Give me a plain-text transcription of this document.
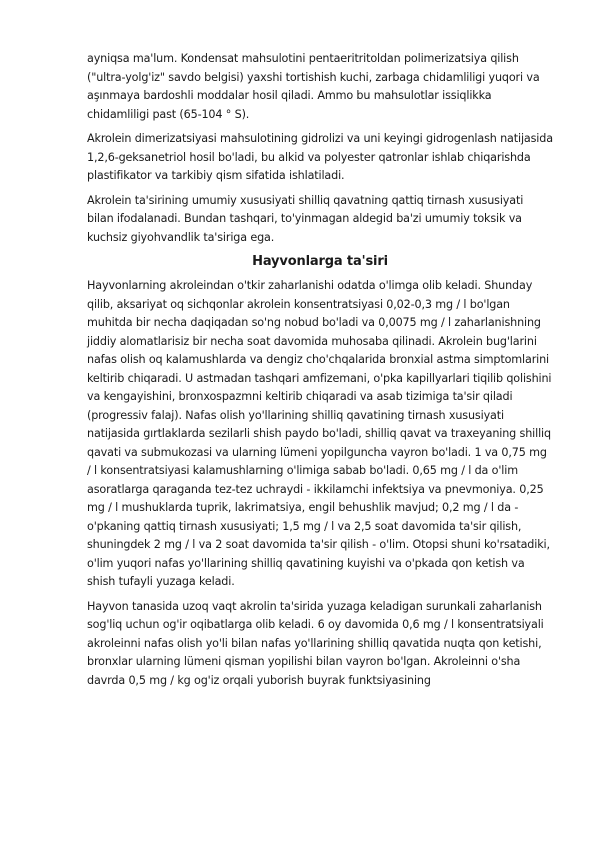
ayniqsa ma'lum. Kondensat mahsulotini pentaeritritoldan polimerizatsiya qilish ("ultra-yolg'iz" savdo belgisi) yaxshi tortishish kuchi, zarbaga chidamliligi yuqori va aşınmaya bardoshli moddalar hosil qiladi. Ammo bu mahsulotlar issiqlikka chidamliligi past (65-104 ° S).

Akrolein dimerizatsiyasi mahsulotining gidrolizi va uni keyingi gidrogenlash natijasida 1,2,6-geksanetriol hosil bo'ladi, bu alkid va polyester qatronlar ishlab chiqarishda plastifikator va tarkibiy qism sifatida ishlatiladi.

Akrolein ta'sirining umumiy xususiyati shilliq qavatning qattiq tirnash xususiyati bilan ifodalanadi. Bundan tashqari, to'yinmagan aldegid ba'zi umumiy toksik va kuchsiz giyohvandlik ta'siriga ega.

Hayvonlarga ta'siri

Hayvonlarning akroleindan o'tkir zaharlanishi odatda o'limga olib keladi. Shunday qilib, aksariyat oq sichqonlar akrolein konsentratsiyasi 0,02-0,3 mg / l bo'lgan muhitda bir necha daqiqadan so'ng nobud bo'ladi va 0,0075 mg / l zaharlanishning jiddiy alomatlarisiz bir necha soat davomida muhosaba qilinadi. Akrolein bug'larini nafas olish oq kalamushlarda va dengiz cho'chqalarida bronxial astma simptomlarini keltirib chiqaradi. U astmadan tashqari amfizemani, o'pka kapillyarlari tiqilib qolishini va kengayishini, bronxospazmni keltirib chiqaradi va asab tizimiga ta'sir qiladi (progressiv falaj). Nafas olish yo'llarining shilliq qavatining tirnash xususiyati natijasida gırtlaklarda sezilarli shish paydo bo'ladi, shilliq qavat va traxeyaning shilliq qavati va submukozasi va ularning lümeni yopilguncha vayron bo'ladi. 1 va 0,75 mg / l konsentratsiyasi kalamushlarning o'limiga sabab bo'ladi. 0,65 mg / l da o'lim asoratlarga qaraganda tez-tez uchraydi - ikkilamchi infektsiya va pnevmoniya. 0,25 mg / l mushuklarda tuprik, lakrimatsiya, engil behushlik mavjud; 0,2 mg / l da - o'pkaning qattiq tirnash xususiyati; 1,5 mg / l va 2,5 soat davomida ta'sir qilish, shuningdek 2 mg / l va 2 soat davomida ta'sir qilish - o'lim. Otopsi shuni ko'rsatadiki, o'lim yuqori nafas yo'llarining shilliq qavatining kuyishi va o'pkada qon ketish va shish tufayli yuzaga keladi.

Hayvon tanasida uzoq vaqt akrolin ta'sirida yuzaga keladigan surunkali zaharlanish sog'liq uchun og'ir oqibatlarga olib keladi. 6 oy davomida 0,6 mg / l konsentratsiyali akroleinni nafas olish yo'li bilan nafas yo'llarining shilliq qavatida nuqta qon ketishi, bronxlar ularning lümeni qisman yopilishi bilan vayron bo'lgan. Akroleinni o'sha davrda 0,5 mg / kg og'iz orqali yuborish buyrak funktsiyasining
